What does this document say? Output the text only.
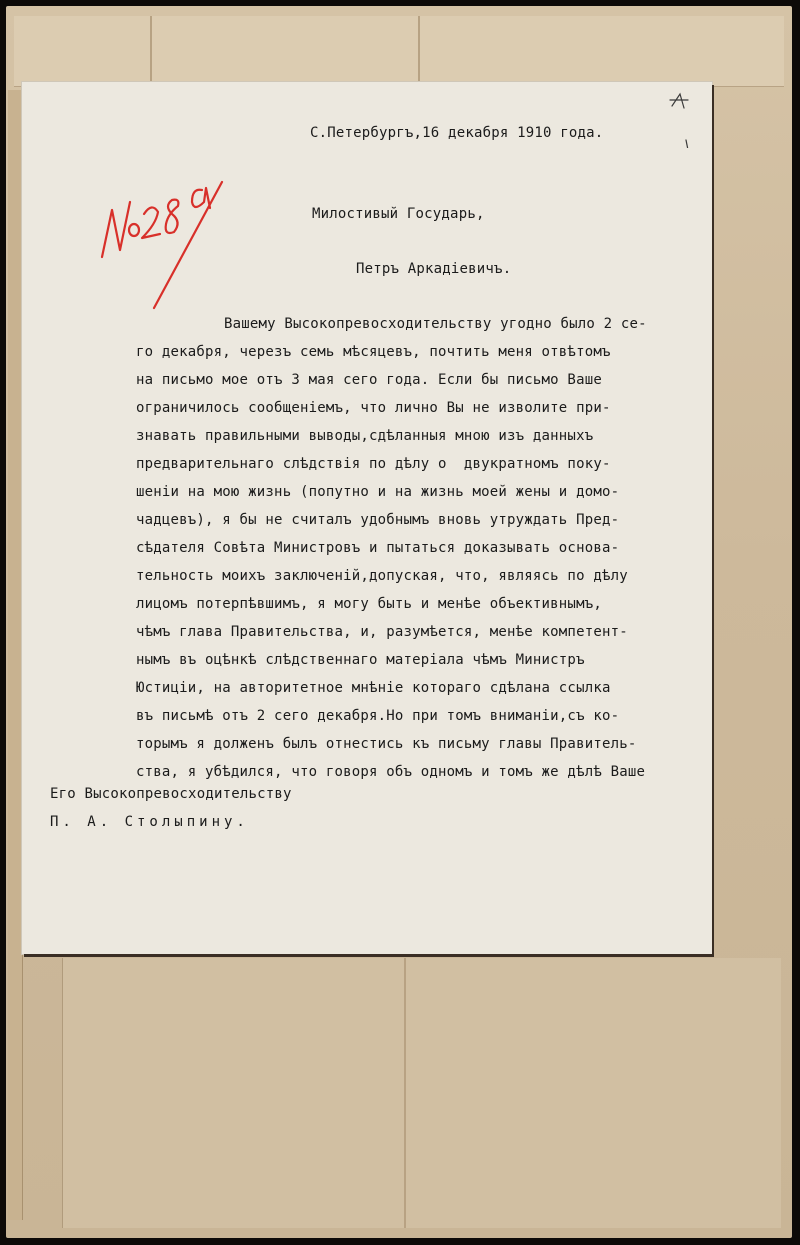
С.Петербургъ,16 декабря 1910 года.
Милостивый Государь,
Петръ Аркадiевичъ.
Вашему Высокопревосходительству угодно было 2 се-
го декабря, черезъ семь мѣсяцевъ, почтить меня отвѣтомъ
на письмо мое отъ 3 мая сего года. Если бы письмо Ваше
ограничилось сообщенiемъ, что лично Вы не изволите при-
знавать правильными выводы,сдѣланныя мною изъ данныхъ
предварительнаго слѣдствiя по дѣлу о  двукратномъ поку-
шенiи на мою жизнь (попутно и на жизнь моей жены и домо-
чадцевъ), я бы не считалъ удобнымъ вновь утруждать Пред-
сѣдателя Совѣта Министровъ и пытаться доказывать основа-
тельность моихъ заключенiй,допуская, что, являясь по дѣлу
лицомъ потерпѣвшимъ, я могу быть и менѣе объективнымъ,
чѣмъ глава Правительства, и, разумѣется, менѣе компетент-
нымъ въ оцѣнкѣ слѣдственнаго матерiала чѣмъ Министръ
Юстицiи, на авторитетное мнѣнiе котораго сдѣлана ссылка
въ письмѣ отъ 2 сего декабря.Но при томъ вниманiи,съ ко-
торымъ я долженъ былъ отнестись къ письму главы Правитель-
ства, я убѣдился, что говоря объ одномъ и томъ же дѣлѣ Ваше
Его Высокопревосходительству
П. А. Столыпину.
